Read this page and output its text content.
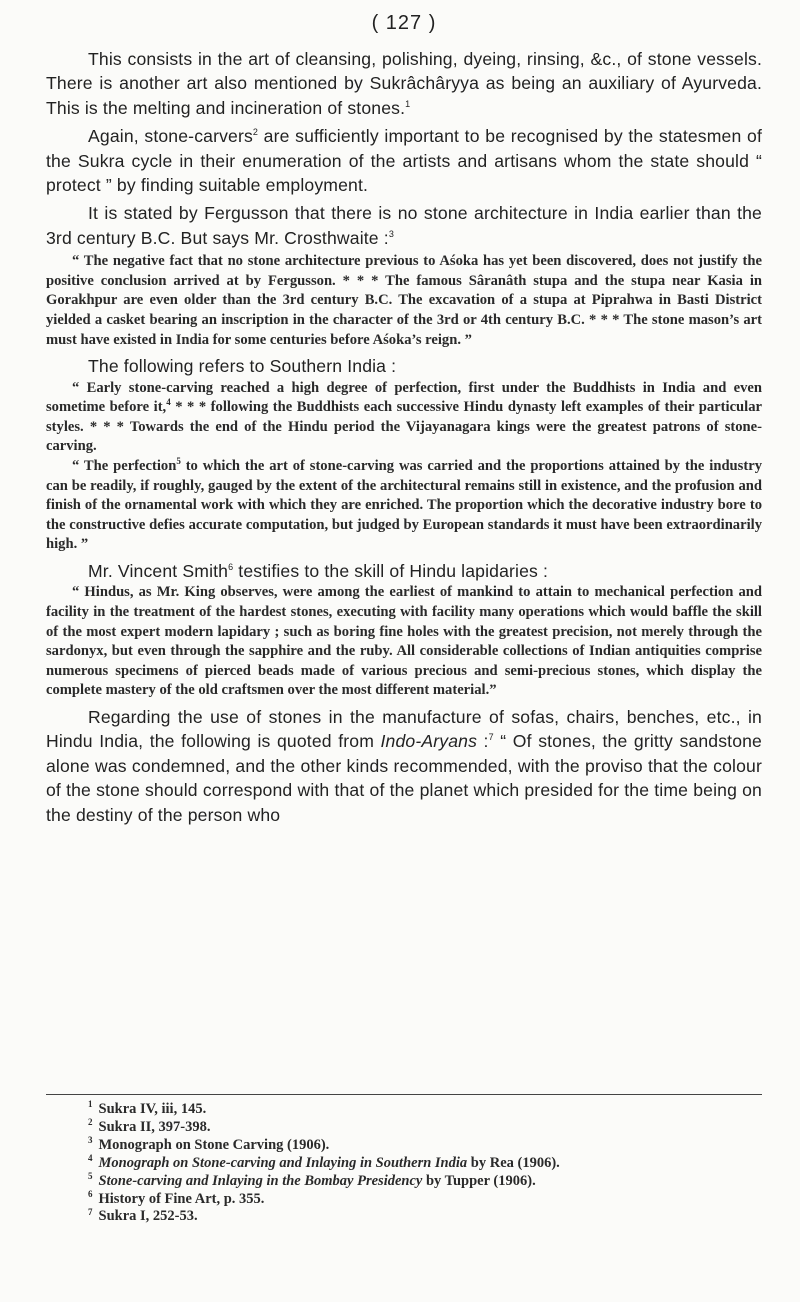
( 127 )

This consists in the art of cleansing, polishing, dyeing, rinsing, &c., of stone vessels. There is another art also mentioned by Sukrâchâryya as being an auxiliary of Ayurveda. This is the melting and incineration of stones.$^1$

Again, stone-carvers$^2$ are sufficiently important to be recognised by the statesmen of the Sukra cycle in their enumeration of the artists and artisans whom the state should “ protect ” by finding suitable employment.

It is stated by Fergusson that there is no stone architecture in India earlier than the 3rd century B.C. But says Mr. Crosthwaite :$^3$

“ The negative fact that no stone architecture previous to Aśoka has yet been discovered, does not justify the positive conclusion arrived at by Fergusson. * * * The famous Sâranâth stupa and the stupa near Kasia in Gorakhpur are even older than the 3rd century B.C. The excavation of a stupa at Piprahwa in Basti District yielded a casket bearing an inscription in the character of the 3rd or 4th century B.C. * * * The stone mason’s art must have existed in India for some centuries before Aśoka’s reign. ”

The following refers to Southern India :

“ Early stone-carving reached a high degree of perfection, first under the Buddhists in India and even sometime before it,$^4$ * * * following the Buddhists each successive Hindu dynasty left examples of their particular styles. * * * Towards the end of the Hindu period the Vijayanagara kings were the greatest patrons of stone-carving.

“ The perfection$^5$ to which the art of stone-carving was carried and the proportions attained by the industry can be readily, if roughly, gauged by the extent of the architectural remains still in existence, and the profusion and finish of the ornamental work with which they are enriched. The proportion which the decorative industry bore to the constructive defies accurate computation, but judged by European standards it must have been extraordinarily high. ”

Mr. Vincent Smith$^6$ testifies to the skill of Hindu lapidaries :

“ Hindus, as Mr. King observes, were among the earliest of mankind to attain to mechanical perfection and facility in the treatment of the hardest stones, executing with facility many operations which would baffle the skill of the most expert modern lapidary ; such as boring fine holes with the greatest precision, not merely through the sardonyx, but even through the sapphire and the ruby. All considerable collections of Indian antiquities comprise numerous specimens of pierced beads made of various precious and semi-precious stones, which display the complete mastery of the old craftsmen over the most different material.”

Regarding the use of stones in the manufacture of sofas, chairs, benches, etc., in Hindu India, the following is quoted from Indo-Aryans :$^7$ “ Of stones, the gritty sandstone alone was condemned, and the other kinds recommended, with the proviso that the colour of the stone should correspond with that of the planet which presided for the time being on the destiny of the person who

$^1$ Sukra IV, iii, 145.

$^2$ Sukra II, 397-398.

$^3$ Monograph on Stone Carving (1906).

$^4$ Monograph on Stone-carving and Inlaying in Southern India by Rea (1906).

$^5$ Stone-carving and Inlaying in the Bombay Presidency by Tupper (1906).

$^6$ History of Fine Art, p. 355.

$^7$ Sukra I, 252-53.
